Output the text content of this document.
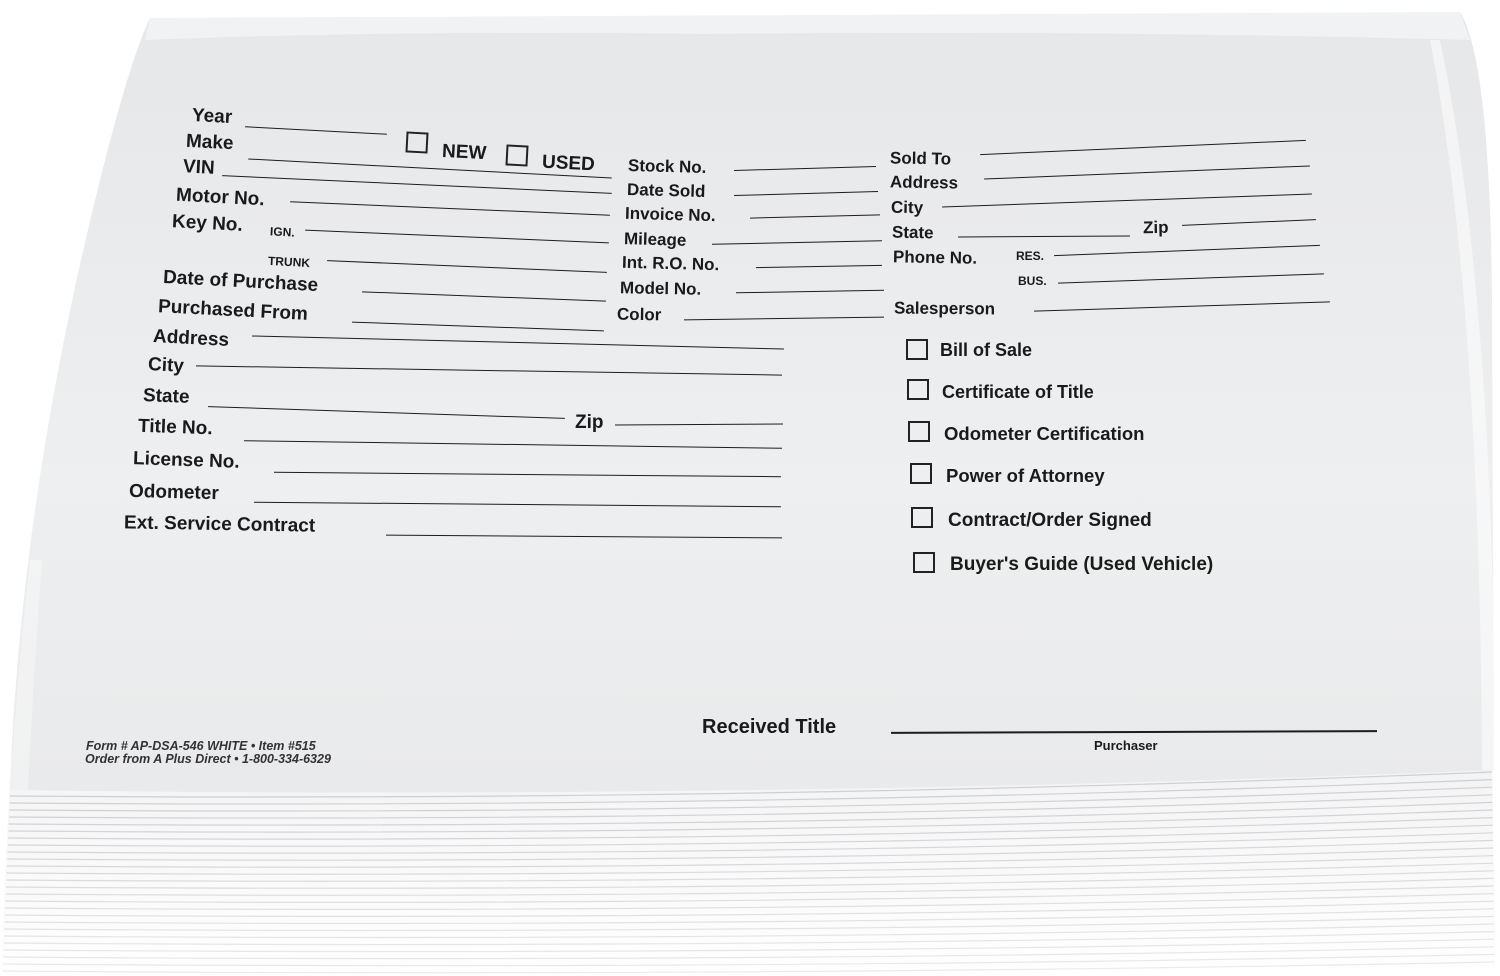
Year
NEW	USED
Make
VIN
Motor No.
Key No. IGN.
TRUNK
Date of Purchase
Purchased From
Address
City
State
Zip
Title No.
License No.
Odometer
Ext. Service Contract
Stock No.
Date Sold
Invoice No.
Mileage
Int. R.O. No.
Model No.
Color
Sold To
Address
City
State	Zip
Phone No.	RES.
BUS.
Salesperson
Bill of Sale
Certificate of Title
Odometer Certification
Power of Attorney
Contract/Order Signed
Buyer's Guide (Used Vehicle)
Received Title
Purchaser
Form # AP-DSA-546 WHITE • Item #515
Order from A Plus Direct • 1-800-334-6329
